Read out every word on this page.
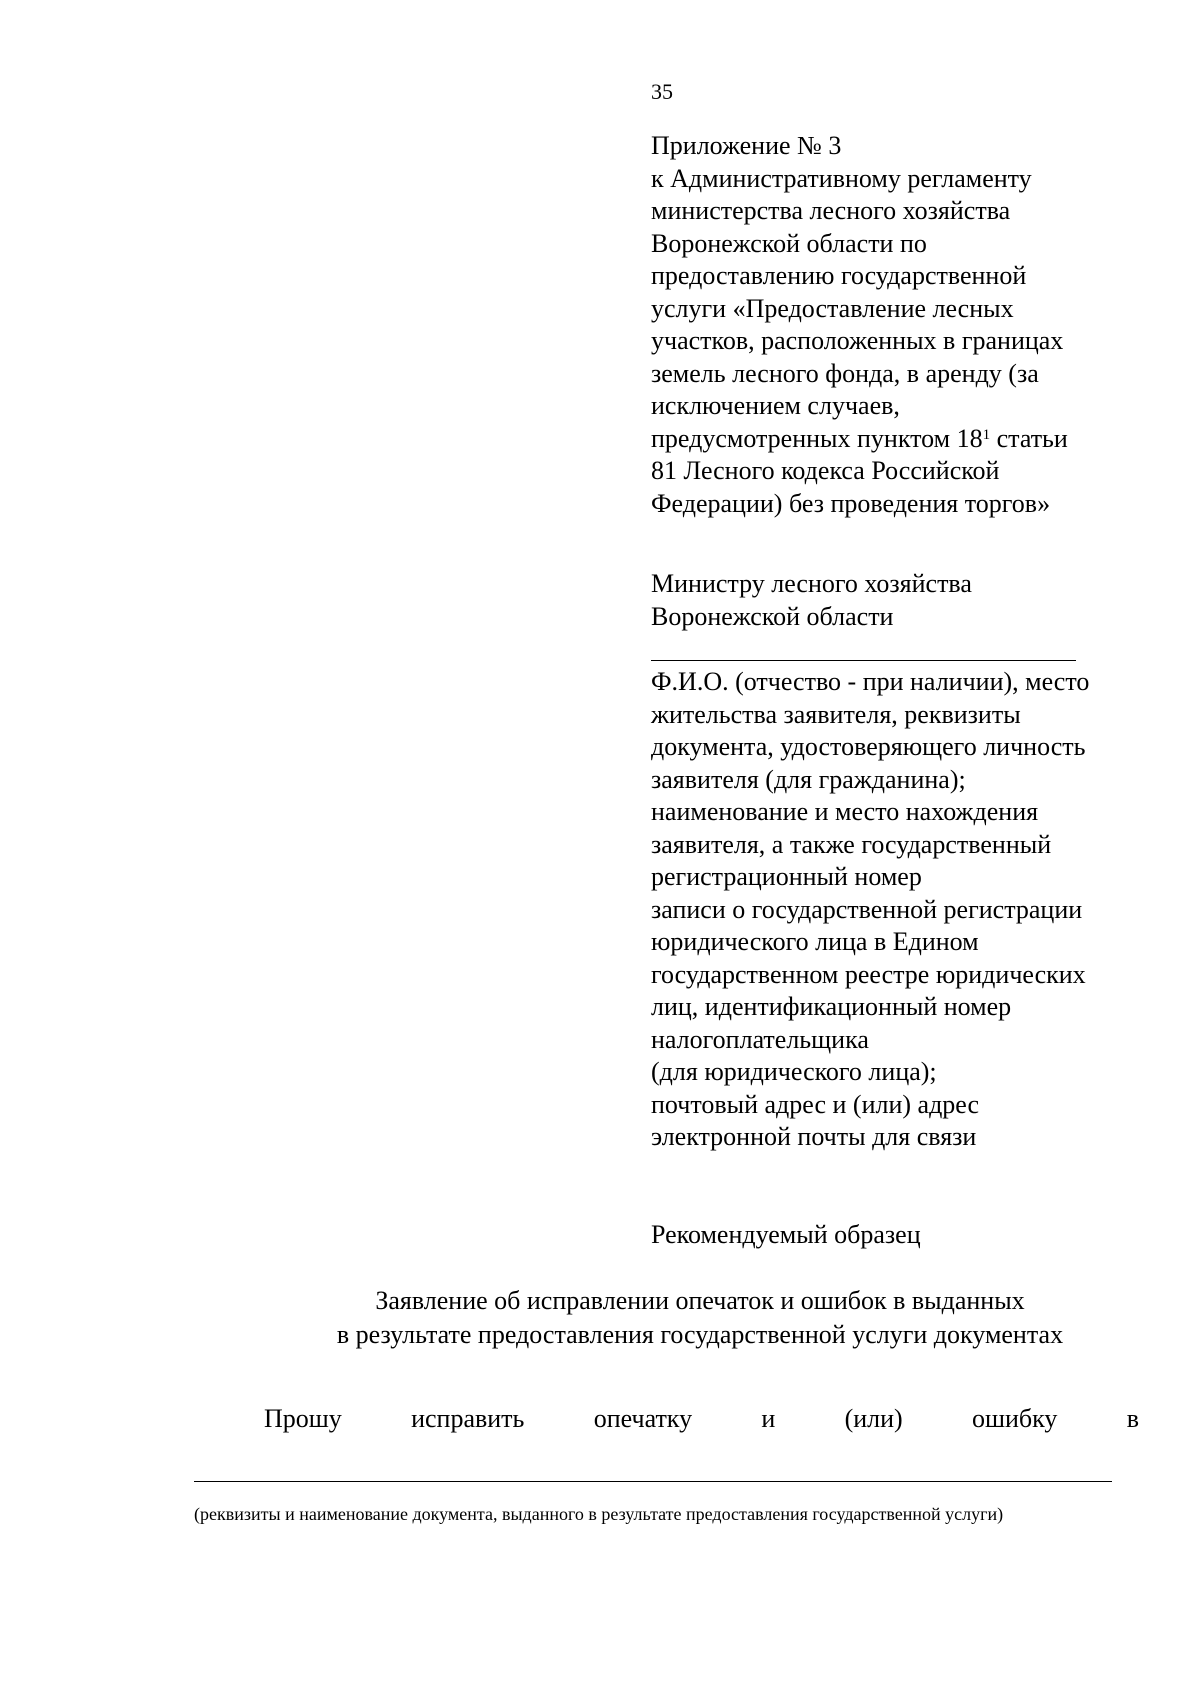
35
Приложение № 3
к Административному регламенту
министерства лесного хозяйства
Воронежской области по
предоставлению государственной
услуги «Предоставление лесных
участков, расположенных в границах
земель лесного фонда, в аренду (за
исключением случаев,
предусмотренных пунктом $18^1$ статьи
81 Лесного кодекса Российской
Федерации) без проведения торгов»
Министру лесного хозяйства
Воронежской области
Ф.И.О. (отчество - при наличии), место
жительства заявителя, реквизиты
документа, удостоверяющего личность
заявителя (для гражданина);
наименование и место нахождения
заявителя, а также государственный
регистрационный номер
записи о государственной регистрации
юридического лица в Едином
государственном реестре юридических
лиц, идентификационный номер
налогоплательщика
(для юридического лица);
почтовый адрес и (или) адрес
электронной почты для связи
Рекомендуемый образец
Заявление об исправлении опечаток и ошибок в выданных
в результате предоставления государственной услуги документах
Прошу	исправить	опечатку	и	(или)	ошибку	в
(реквизиты и наименование документа, выданного в результате предоставления государственной услуги)
